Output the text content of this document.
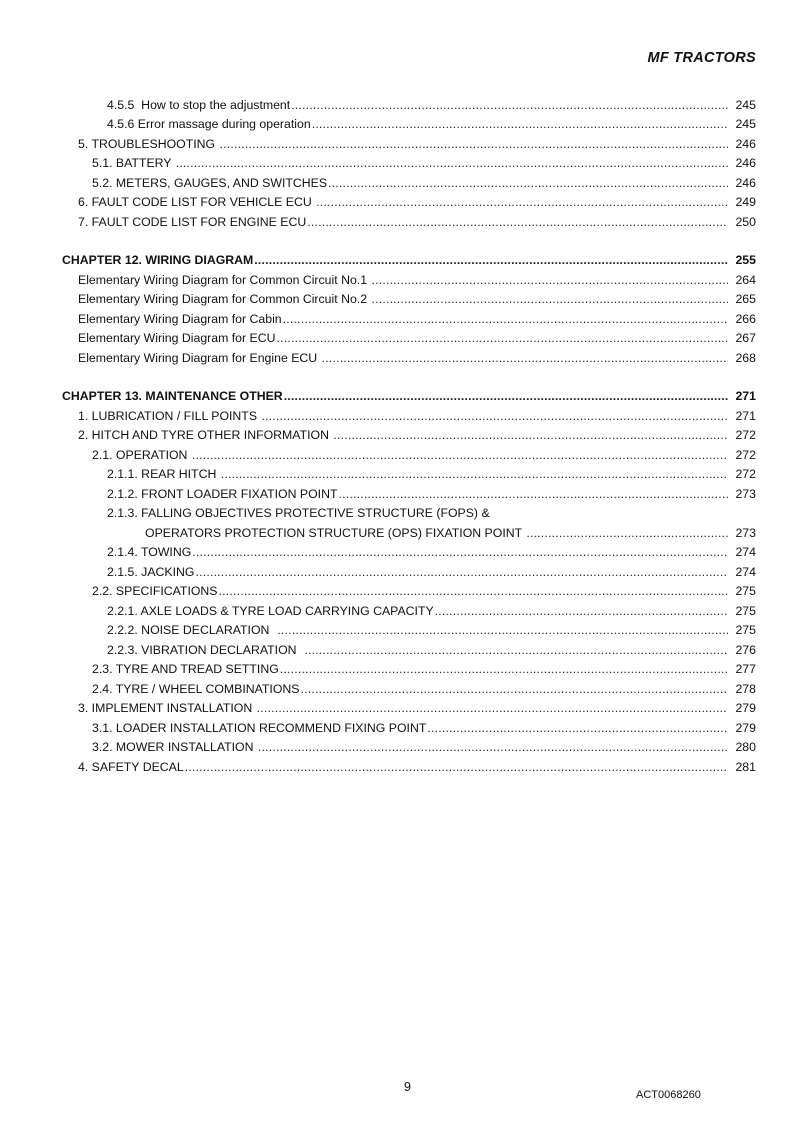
MF TRACTORS
4.5.5  How to stop the adjustment .....	245
4.5.6 Error massage during operation .....	245
5. TROUBLESHOOTING .....	246
5.1. BATTERY .....	246
5.2. METERS, GAUGES, AND SWITCHES .....	246
6. FAULT CODE LIST FOR VEHICLE ECU .....	249
7. FAULT CODE LIST FOR ENGINE ECU .....	250
CHAPTER 12. WIRING DIAGRAM .....	255
Elementary Wiring Diagram for Common Circuit No.1 .....	264
Elementary Wiring Diagram for Common Circuit No.2 .....	265
Elementary Wiring Diagram for Cabin .....	266
Elementary Wiring Diagram for ECU .....	267
Elementary Wiring Diagram for Engine ECU .....	268
CHAPTER 13. MAINTENANCE OTHER .....	271
1. LUBRICATION / FILL POINTS .....	271
2. HITCH AND TYRE OTHER INFORMATION .....	272
2.1. OPERATION .....	272
2.1.1. REAR HITCH .....	272
2.1.2. FRONT LOADER FIXATION POINT .....	273
2.1.3. FALLING OBJECTIVES PROTECTIVE STRUCTURE (FOPS) &
OPERATORS PROTECTION STRUCTURE (OPS) FIXATION POINT .....	273
2.1.4. TOWING .....	274
2.1.5. JACKING .....	274
2.2. SPECIFICATIONS .....	275
2.2.1. AXLE LOADS & TYRE LOAD CARRYING CAPACITY .....	275
2.2.2. NOISE DECLARATION .....	275
2.2.3. VIBRATION DECLARATION .....	276
2.3. TYRE AND TREAD SETTING .....	277
2.4. TYRE / WHEEL COMBINATIONS .....	278
3. IMPLEMENT INSTALLATION .....	279
3.1. LOADER INSTALLATION RECOMMEND FIXING POINT .....	279
3.2. MOWER INSTALLATION .....	280
4. SAFETY DECAL .....	281
9
ACT0068260
